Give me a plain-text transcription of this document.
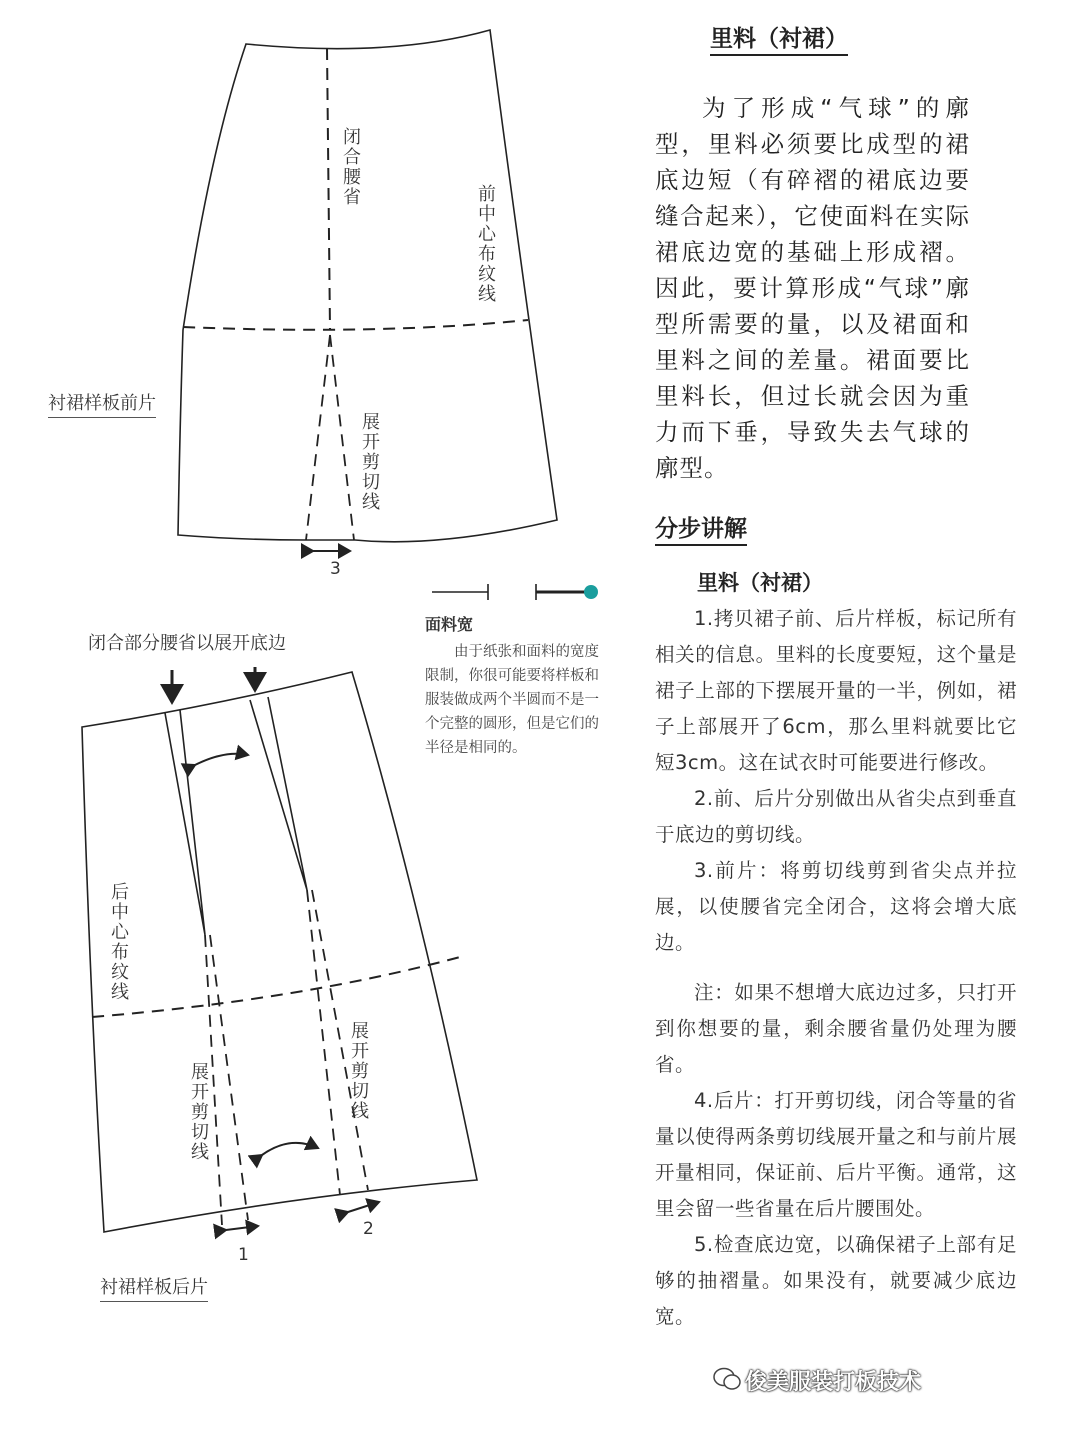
闭合腰省	前中心布纹线
展开剪切线
衬裙样板前片
3
闭合部分腰省以展开底边
后中心布纹线
展开剪切线
展开剪切线
1
2
衬裙样板后片
面料宽
由于纸张和面料的宽度限制，你很可能要将样板和服装做成两个半圆而不是一个完整的圆形，但是它们的半径是相同的。
里料（衬裙）
为了形成“气球”的廓型，里料必须要比成型的裙底边短（有碎褶的裙底边要缝合起来），它使面料在实际裙底边宽的基础上形成褶。因此，要计算形成“气球”廓型所需要的量，以及裙面和里料之间的差量。裙面要比里料长，但过长就会因为重力而下垂，导致失去气球的廓型。
分步讲解
里料（衬裙）

1.拷贝裙子前、后片样板，标记所有相关的信息。里料的长度要短，这个量是裙子上部的下摆展开量的一半，例如，裙子上部展开了6cm，那么里料就要比它短3cm。这在试衣时可能要进行修改。

2.前、后片分别做出从省尖点到垂直于底边的剪切线。

3.前片：将剪切线剪到省尖点并拉展，以使腰省完全闭合，这将会增大底边。

注：如果不想增大底边过多，只打开到你想要的量，剩余腰省量仍处理为腰省。

4.后片：打开剪切线，闭合等量的省量以使得两条剪切线展开量之和与前片展开量相同，保证前、后片平衡。通常，这里会留一些省量在后片腰围处。

5.检查底边宽，以确保裙子上部有足够的抽褶量。如果没有，就要减少底边宽。

俊美服装打板技术
